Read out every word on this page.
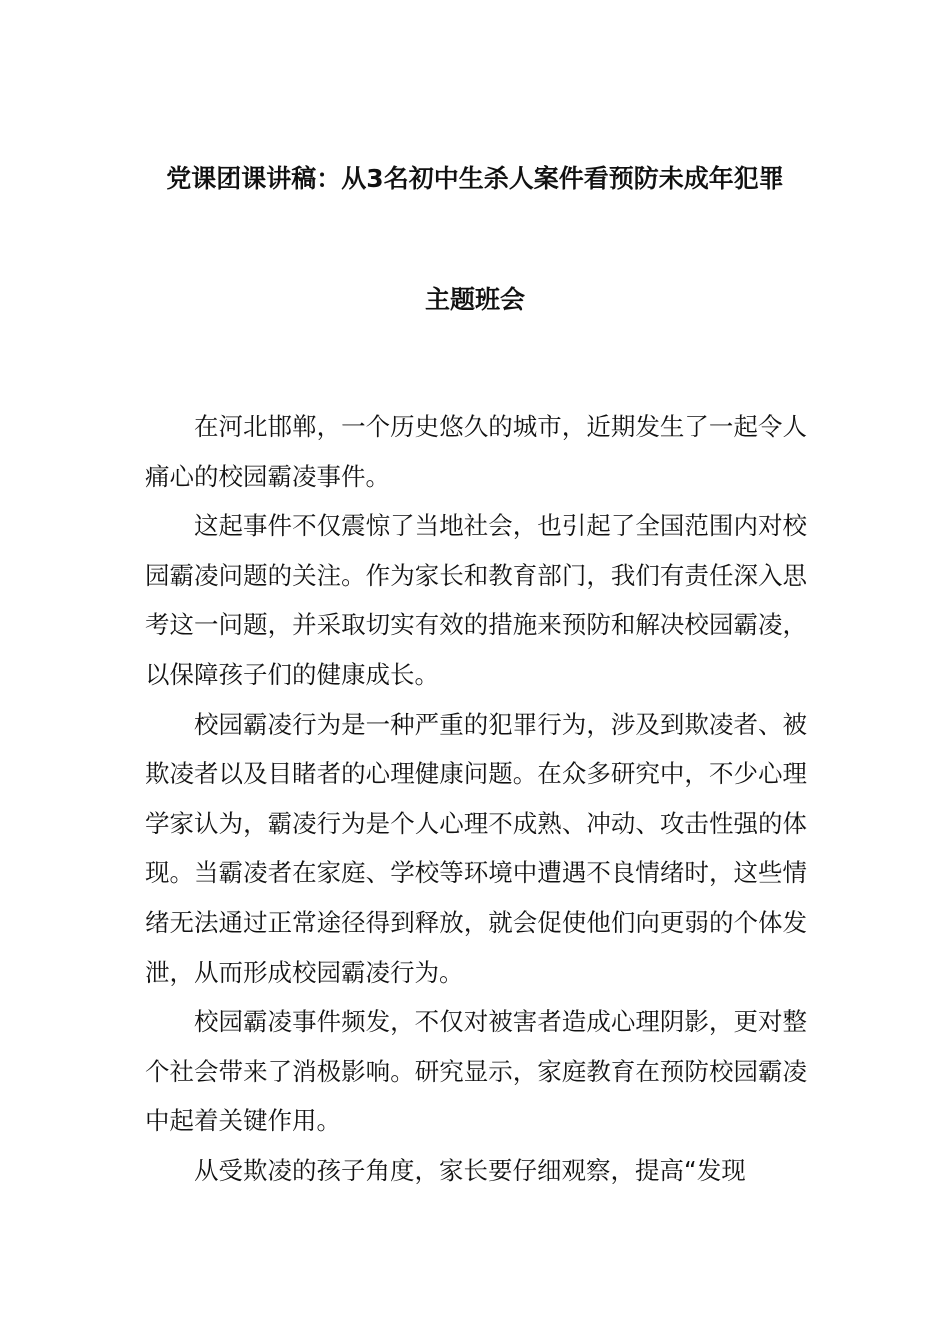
党课团课讲稿：从3名初中生杀人案件看预防未成年犯罪
主题班会

在河北邯郸，一个历史悠久的城市，近期发生了一起令人痛心的校园霸凌事件。

这起事件不仅震惊了当地社会，也引起了全国范围内对校园霸凌问题的关注。作为家长和教育部门，我们有责任深入思考这一问题，并采取切实有效的措施来预防和解决校园霸凌，以保障孩子们的健康成长。

校园霸凌行为是一种严重的犯罪行为，涉及到欺凌者、被欺凌者以及目睹者的心理健康问题。在众多研究中，不少心理学家认为，霸凌行为是个人心理不成熟、冲动、攻击性强的体现。当霸凌者在家庭、学校等环境中遭遇不良情绪时，这些情绪无法通过正常途径得到释放，就会促使他们向更弱的个体发泄，从而形成校园霸凌行为。

校园霸凌事件频发，不仅对被害者造成心理阴影，更对整个社会带来了消极影响。研究显示，家庭教育在预防校园霸凌中起着关键作用。

从受欺凌的孩子角度，家长要仔细观察，提高“发现
